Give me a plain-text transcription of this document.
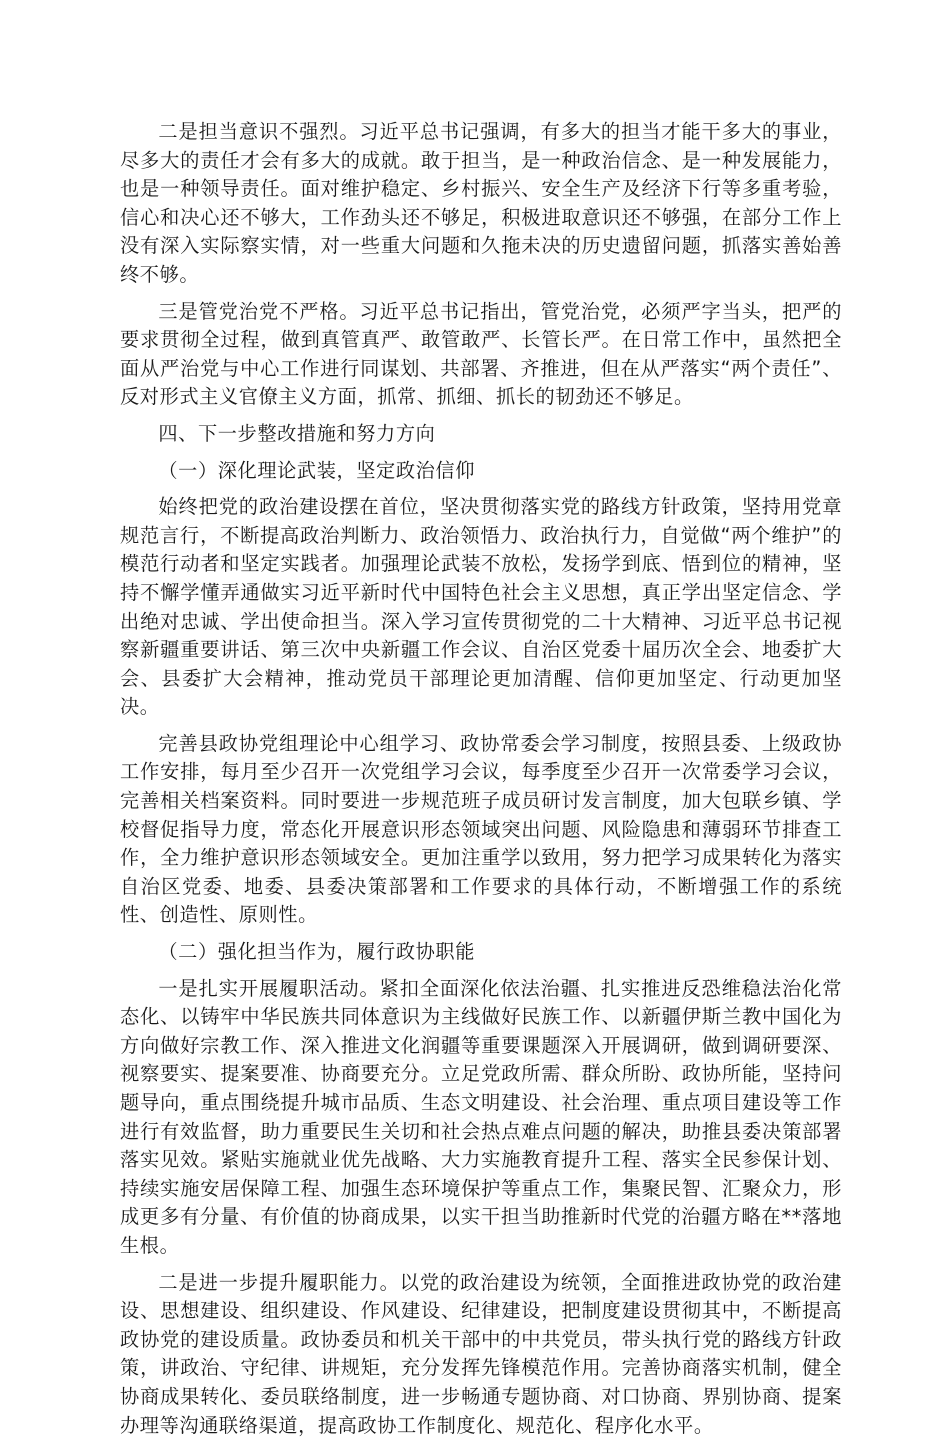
二是担当意识不强烈。习近平总书记强调，有多大的担当才能干多大的事业，尽多大的责任才会有多大的成就。敢于担当，是一种政治信念、是一种发展能力，也是一种领导责任。面对维护稳定、乡村振兴、安全生产及经济下行等多重考验，信心和决心还不够大，工作劲头还不够足，积极进取意识还不够强，在部分工作上没有深入实际察实情，对一些重大问题和久拖未决的历史遗留问题，抓落实善始善终不够。

三是管党治党不严格。习近平总书记指出，管党治党，必须严字当头，把严的要求贯彻全过程，做到真管真严、敢管敢严、长管长严。在日常工作中，虽然把全面从严治党与中心工作进行同谋划、共部署、齐推进，但在从严落实“两个责任”、反对形式主义官僚主义方面，抓常、抓细、抓长的韧劲还不够足。

四、下一步整改措施和努力方向

（一）深化理论武装，坚定政治信仰

始终把党的政治建设摆在首位，坚决贯彻落实党的路线方针政策，坚持用党章规范言行，不断提高政治判断力、政治领悟力、政治执行力，自觉做“两个维护”的模范行动者和坚定实践者。加强理论武装不放松，发扬学到底、悟到位的精神，坚持不懈学懂弄通做实习近平新时代中国特色社会主义思想，真正学出坚定信念、学出绝对忠诚、学出使命担当。深入学习宣传贯彻党的二十大精神、习近平总书记视察新疆重要讲话、第三次中央新疆工作会议、自治区党委十届历次全会、地委扩大会、县委扩大会精神，推动党员干部理论更加清醒、信仰更加坚定、行动更加坚决。

完善县政协党组理论中心组学习、政协常委会学习制度，按照县委、上级政协工作安排，每月至少召开一次党组学习会议，每季度至少召开一次常委学习会议，完善相关档案资料。同时要进一步规范班子成员研讨发言制度，加大包联乡镇、学校督促指导力度，常态化开展意识形态领域突出问题、风险隐患和薄弱环节排查工作，全力维护意识形态领域安全。更加注重学以致用，努力把学习成果转化为落实自治区党委、地委、县委决策部署和工作要求的具体行动，不断增强工作的系统性、创造性、原则性。

（二）强化担当作为，履行政协职能

一是扎实开展履职活动。紧扣全面深化依法治疆、扎实推进反恐维稳法治化常态化、以铸牢中华民族共同体意识为主线做好民族工作、以新疆伊斯兰教中国化为方向做好宗教工作、深入推进文化润疆等重要课题深入开展调研，做到调研要深、视察要实、提案要准、协商要充分。立足党政所需、群众所盼、政协所能，坚持问题导向，重点围绕提升城市品质、生态文明建设、社会治理、重点项目建设等工作进行有效监督，助力重要民生关切和社会热点难点问题的解决，助推县委决策部署落实见效。紧贴实施就业优先战略、大力实施教育提升工程、落实全民参保计划、持续实施安居保障工程、加强生态环境保护等重点工作，集聚民智、汇聚众力，形成更多有分量、有价值的协商成果，以实干担当助推新时代党的治疆方略在**落地生根。

二是进一步提升履职能力。以党的政治建设为统领，全面推进政协党的政治建设、思想建设、组织建设、作风建设、纪律建设，把制度建设贯彻其中，不断提高政协党的建设质量。政协委员和机关干部中的中共党员，带头执行党的路线方针政策，讲政治、守纪律、讲规矩，充分发挥先锋模范作用。完善协商落实机制，健全协商成果转化、委员联络制度，进一步畅通专题协商、对口协商、界别协商、提案办理等沟通联络渠道，提高政协工作制度化、规范化、程序化水平。
